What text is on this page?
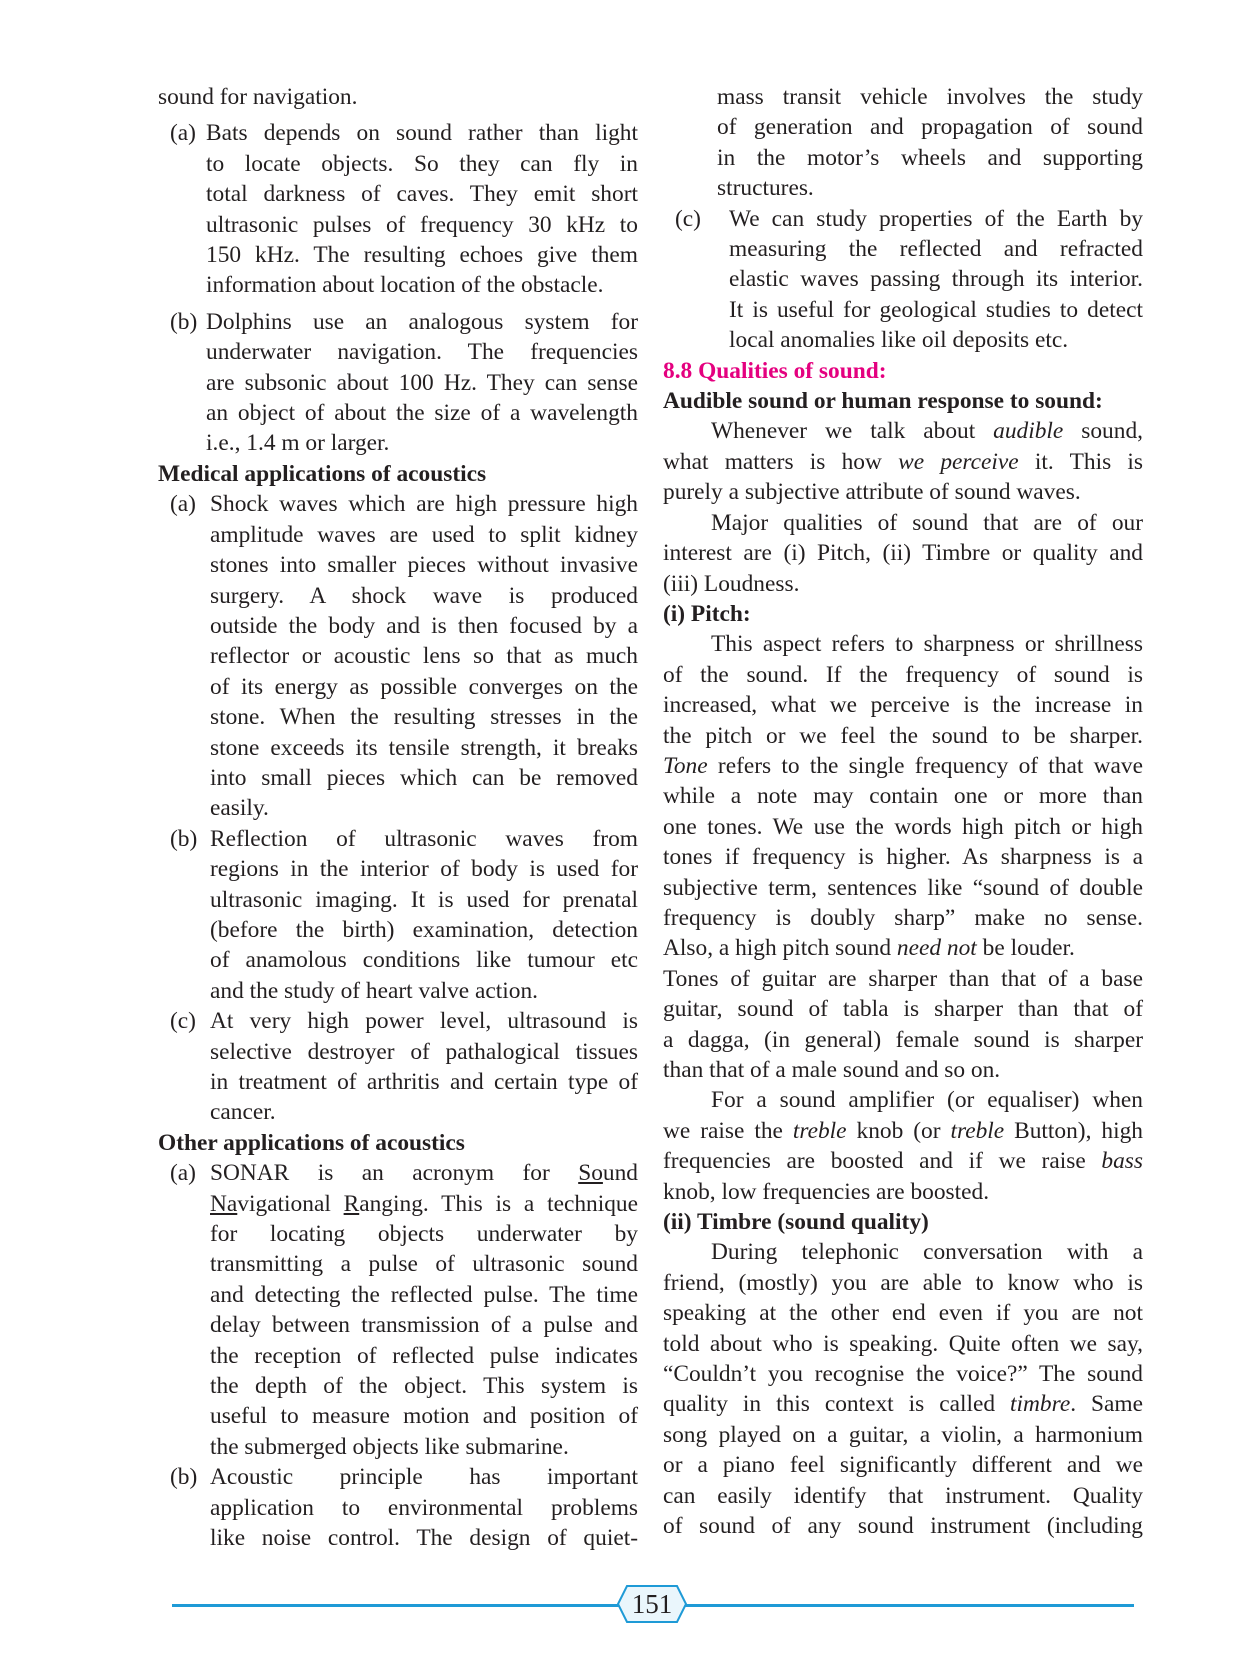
sound for navigation.
(a) Bats depends on sound rather than light
to locate objects. So they can fly in
total darkness of caves. They emit short
ultrasonic pulses of frequency 30 kHz to
150 kHz. The resulting echoes give them
information about location of the obstacle.
(b) Dolphins use an analogous system for
underwater navigation. The frequencies
are subsonic about 100 Hz. They can sense
an object of about the size of a wavelength
i.e., 1.4 m or larger.
Medical applications of acoustics
(a) Shock waves which are high pressure high
amplitude waves are used to split kidney
stones into smaller pieces without invasive
surgery. A shock wave is produced
outside the body and is then focused by a
reflector or acoustic lens so that as much
of its energy as possible converges on the
stone. When the resulting stresses in the
stone exceeds its tensile strength, it breaks
into small pieces which can be removed
easily.
(b) Reflection of ultrasonic waves from
regions in the interior of body is used for
ultrasonic imaging. It is used for prenatal
(before the birth) examination, detection
of anamolous conditions like tumour etc
and the study of heart valve action.
(c) At very high power level, ultrasound is
selective destroyer of pathalogical tissues
in treatment of arthritis and certain type of
cancer.
Other applications of acoustics
(a) SONAR is an acronym for Sound
Navigational Ranging. This is a technique
for locating objects underwater by
transmitting a pulse of ultrasonic sound
and detecting the reflected pulse. The time
delay between transmission of a pulse and
the reception of reflected pulse indicates
the depth of the object. This system is
useful to measure motion and position of
the submerged objects like submarine.
(b) Acoustic principle has important
application to environmental problems
like noise control. The design of quiet-
mass transit vehicle involves the study
of generation and propagation of sound
in the motor’s wheels and supporting
structures.
(c)	We can study properties of the Earth by
measuring the reflected and refracted
elastic waves passing through its interior.
It is useful for geological studies to detect
local anomalies like oil deposits etc.
8.8 Qualities of sound:
Audible sound or human response to sound:
Whenever we talk about audible sound,
what matters is how we perceive it. This is
purely a subjective attribute of sound waves.
Major qualities of sound that are of our
interest are (i) Pitch, (ii) Timbre or quality and
(iii) Loudness.
(i) Pitch:
This aspect refers to sharpness or shrillness
of the sound. If the frequency of sound is
increased, what we perceive is the increase in
the pitch or we feel the sound to be sharper.
Tone refers to the single frequency of that wave
while a note may contain one or more than
one tones. We use the words high pitch or high
tones if frequency is higher. As sharpness is a
subjective term, sentences like “sound of double
frequency is doubly sharp” make no sense.
Also, a high pitch sound need not be louder.
Tones of guitar are sharper than that of a base
guitar, sound of tabla is sharper than that of
a dagga, (in general) female sound is sharper
than that of a male sound and so on.
For a sound amplifier (or equaliser) when
we raise the treble knob (or treble Button), high
frequencies are boosted and if we raise bass
knob, low frequencies are boosted.
(ii) Timbre (sound quality)
During telephonic conversation with a
friend, (mostly) you are able to know who is
speaking at the other end even if you are not
told about who is speaking. Quite often we say,
“Couldn’t you recognise the voice?” The sound
quality in this context is called timbre. Same
song played on a guitar, a violin, a harmonium
or a piano feel significantly different and we
can easily identify that instrument. Quality
of sound of any sound instrument (including
151
